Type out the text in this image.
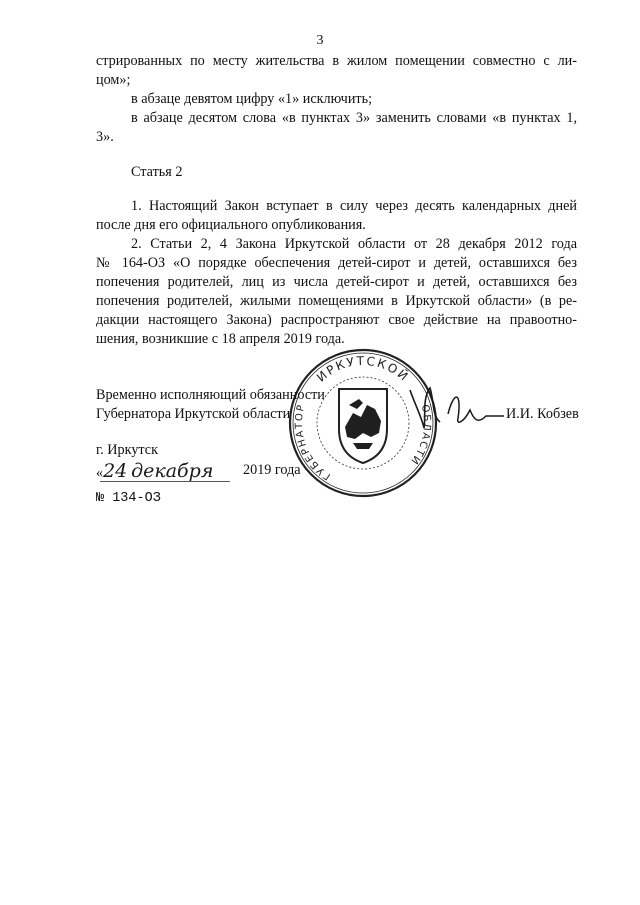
3
стрированных по месту жительства в жилом помещении совместно с ли-
цом»;
в абзаце девятом цифру «1» исключить;
в абзаце десятом слова «в пунктах 3» заменить словами «в пунктах 1,
3».
Статья 2
1. Настоящий Закон вступает в силу через десять календарных дней
после дня его официального опубликования.
2. Статьи 2, 4 Закона Иркутской области от 28 декабря 2012 года
№ 164-ОЗ «О порядке обеспечения детей-сирот и детей, оставшихся без
попечения родителей, лиц из числа детей-сирот и детей, оставшихся без
попечения родителей, жилыми помещениями в Иркутской области» (в ре-
дакции настоящего Закона) распространяют свое действие на правоотно-
шения, возникшие с 18 апреля 2019 года.
ИРКУТСКОЙ
ГУБЕРНАТОР	ОБЛАСТИ
Временно исполняющий обязанности
Губернатора Иркутской области	И.И. Кобзев
г. Иркутск
«24 декабря	2019 года
№ 134-ОЗ
